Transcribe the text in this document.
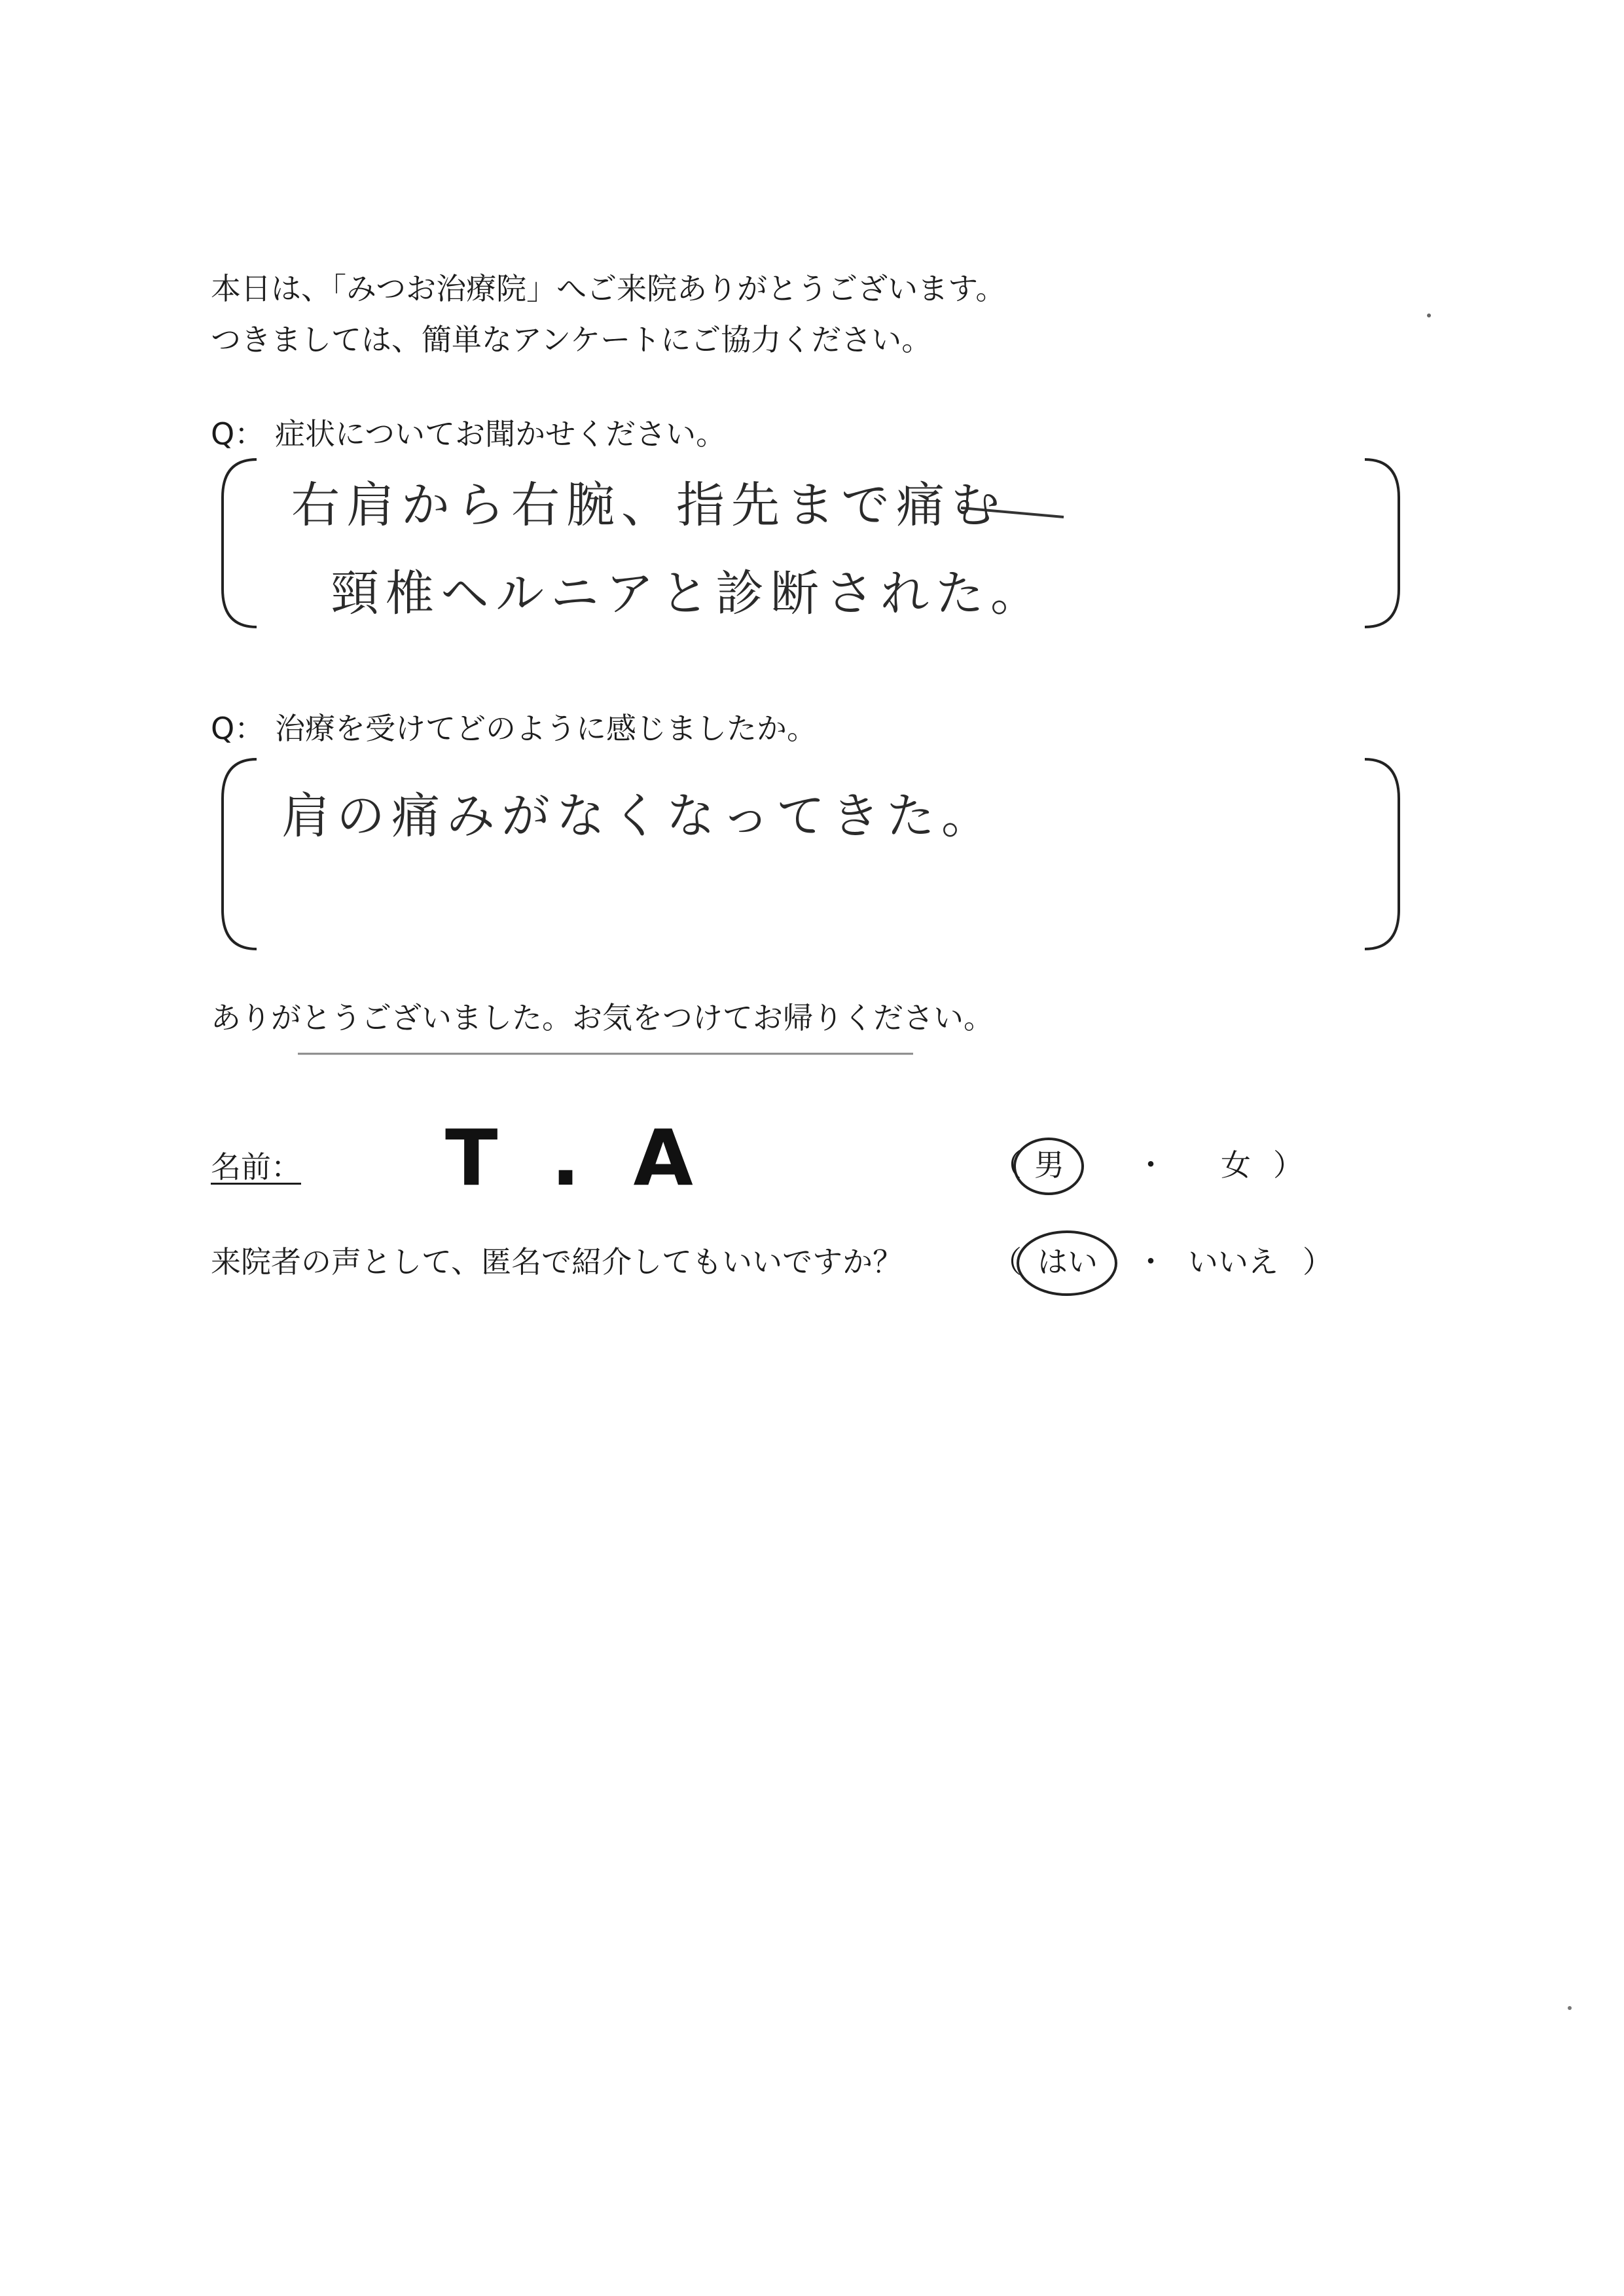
本日は、「みつお治療院」へご来院ありがとうございます。
つきましては、簡単なアンケートにご協力ください。
Q： 症状についてお聞かせください。
右肩から右腕、指先まで痛む
頸椎ヘルニアと診断された。
Q： 治療を受けてどのように感じましたか。
肩の痛みがなくなってきた。
ありがとうございました。お気をつけてお帰りください。
名前： T . A	（ 男 ・ 女 ）
来院者の声として、匿名で紹介してもいいですか？	（ はい ・ いいえ ）
